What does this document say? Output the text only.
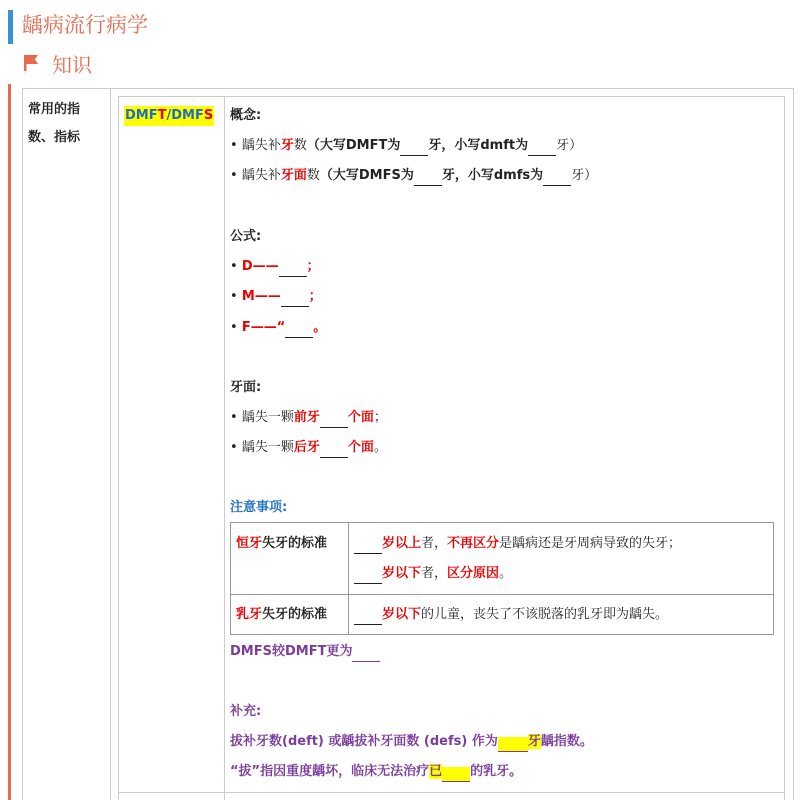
龋病流行病学
知识
常用的指
数、指标
DMFT/DMFS 概念:
• 龋失补牙数（大写DMFT为 牙，小写dmft为 牙）
• 龋失补牙面数（大写DMFS为 牙，小写dmfs为 牙）
公式:
• D—— ；
• M—— ；
• F——“ 。
牙面:
• 龋失一颗前牙 个面；
• 龋失一颗后牙 个面。
注意事项:
恒牙失牙的标准	岁以上者，不再区分是龋病还是牙周病导致的失牙；
岁以下者，区分原因。
乳牙失牙的标准	岁以下的儿童，丧失了不该脱落的乳牙即为龋失。
DMFS较DMFT更为
补充:
拔补牙数(deft) 或龋拔补牙面数 (defs) 作为 牙龋指数。
“拔”指因重度龋坏，临床无法治疗已 的乳牙。
